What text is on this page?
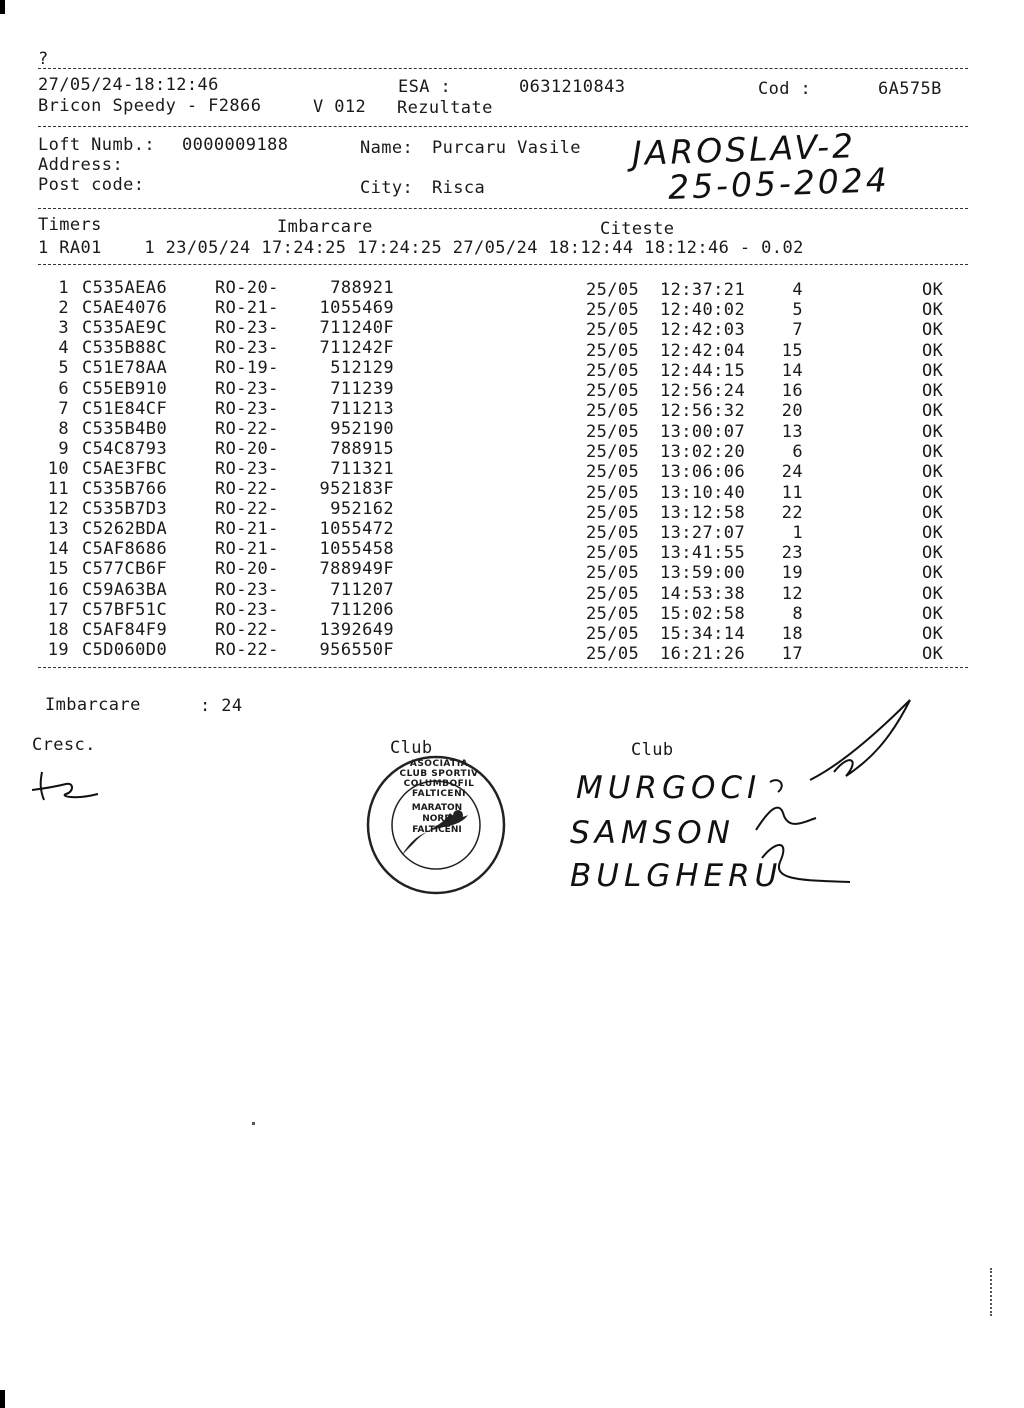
?
27/05/24-18:12:46	ESA :	0631210843	Cod :	6A575B
Bricon Speedy - F2866	V 012 Rezultate
Loft Numb.: 0000009188
Address:
Post code:
Name: Purcaru Vasile
City: Risca
JAROSLAV-2
25-05-2024
Timers	Imbarcare	Citeste
1 RA01    1 23/05/24 17:24:25 17:24:25 27/05/24 18:12:44 18:12:46 - 0.02
1 C535AEA6	RO-20-	788921	25/05 12:37:21	4	OK
2 C5AE4076	RO-21-	1055469	25/05 12:40:02	5	OK
3 C535AE9C	RO-23-	711240F	25/05 12:42:03	7	OK
4 C535B88C	RO-23-	711242F	25/05 12:42:04	15	OK
5 C51E78AA	RO-19-	512129	25/05 12:44:15	14	OK
6 C55EB910	RO-23-	711239	25/05 12:56:24	16	OK
7 C51E84CF	RO-23-	711213	25/05 12:56:32	20	OK
8 C535B4B0	RO-22-	952190	25/05 13:00:07	13	OK
9 C54C8793	RO-20-	788915	25/05 13:02:20	6	OK
10 C5AE3FBC	RO-23-	711321	25/05 13:06:06	24	OK
11 C535B766	RO-22-	952183F	25/05 13:10:40	11	OK
12 C535B7D3	RO-22-	952162	25/05 13:12:58	22	OK
13 C5262BDA	RO-21-	1055472	25/05 13:27:07	1	OK
14 C5AF8686	RO-21-	1055458	25/05 13:41:55	23	OK
15 C577CB6F	RO-20-	788949F	25/05 13:59:00	19	OK
16 C59A63BA	RO-23-	711207	25/05 14:53:38	12	OK
17 C57BF51C	RO-23-	711206	25/05 15:02:58	8	OK
18 C5AF84F9	RO-22-	1392649	25/05 15:34:14	18	OK
19 C5D060D0	RO-22-	956550F	25/05 16:21:26	17	OK
Imbarcare	: 24
Cresc.	Club	Club
ASOCIATIA CLUB SPORTIV COLUMBOFIL FALTICENI
MARATON NORD FALTICENI
MURGOCI
SAMSON
BULGHERU
